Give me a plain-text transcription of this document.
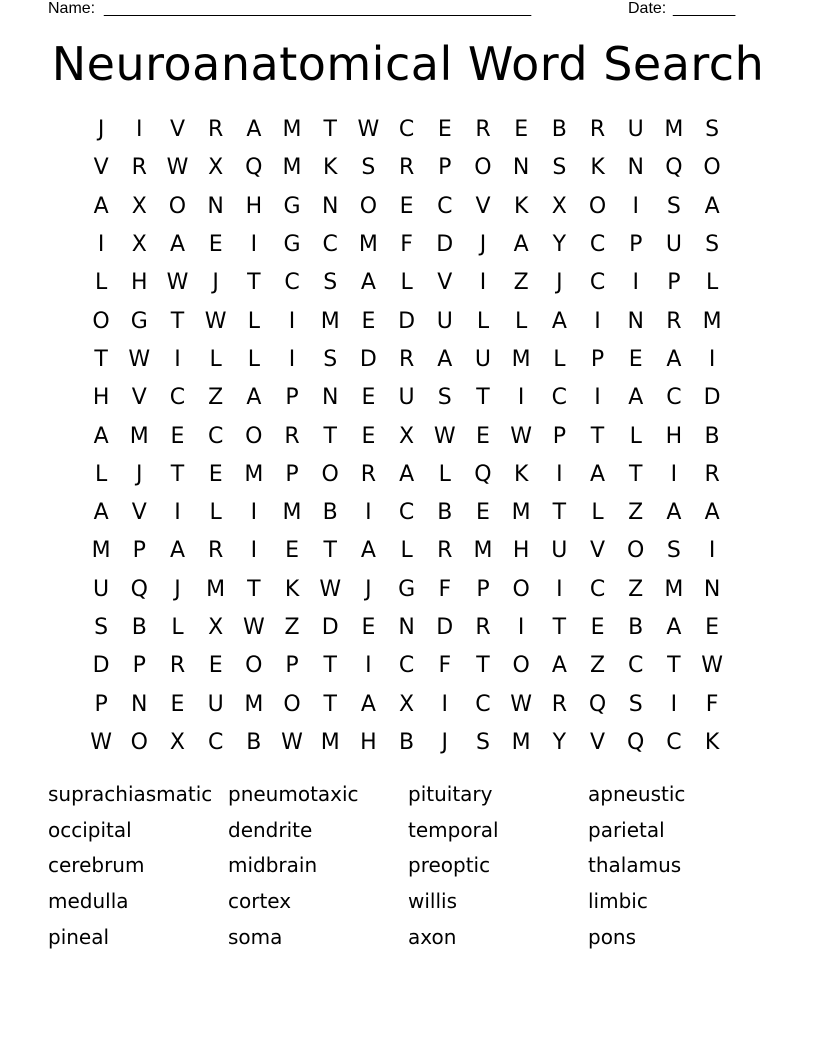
Name: ________________________________________________	Date: _______
Neuroanatomical Word Search
J	I	V	R	A M T W C	E	R	E	B	R	U M S
V	R W X Q M K	S	R	P	O N	S	K	N Q O
A	X O N H G N O	E	C	V	K	X O	I	S	A
I	X	A	E	I	G C M	F	D	J	A	Y	C	P	U	S
L	H W	J	T	C	S	A	L	V	I	Z	J	C	I	P	L
O G	T W L	I	M E	D U	L	L	A	I	N	R M
T W	I	L	L	I	S	D	R	A	U M	L	P	E	A	I
H	V	C	Z	A	P	N	E	U	S	T	I	C	I	A	C	D
A M E	C O R	T	E	X W E W P	T	L	H	B
L	J	T	E M	P	O R	A	L	Q	K	I	A	T	I	R
A	V	I	L	I	M B	I	C	B	E M T	L	Z	A	A
M	P	A	R	I	E	T	A	L	R M H U	V O	S	I
U Q	J	M T	K W	J	G	F	P	O	I	C	Z M N
S	B	L	X W Z	D	E	N D	R	I	T	E	B	A	E
D	P	R	E	O	P	T	I	C	F	T	O	A	Z	C	T W
P	N	E	U M O	T	A	X	I	C W R Q	S	I	F
W O X	C	B W M H	B	J	S M Y	V Q C	K
suprachiasmatic pneumotaxic	pituitary	apneustic
occipital	dendrite	temporal	parietal
cerebrum	midbrain	preoptic	thalamus
medulla	cortex	willis	limbic
pineal	soma	axon	pons
